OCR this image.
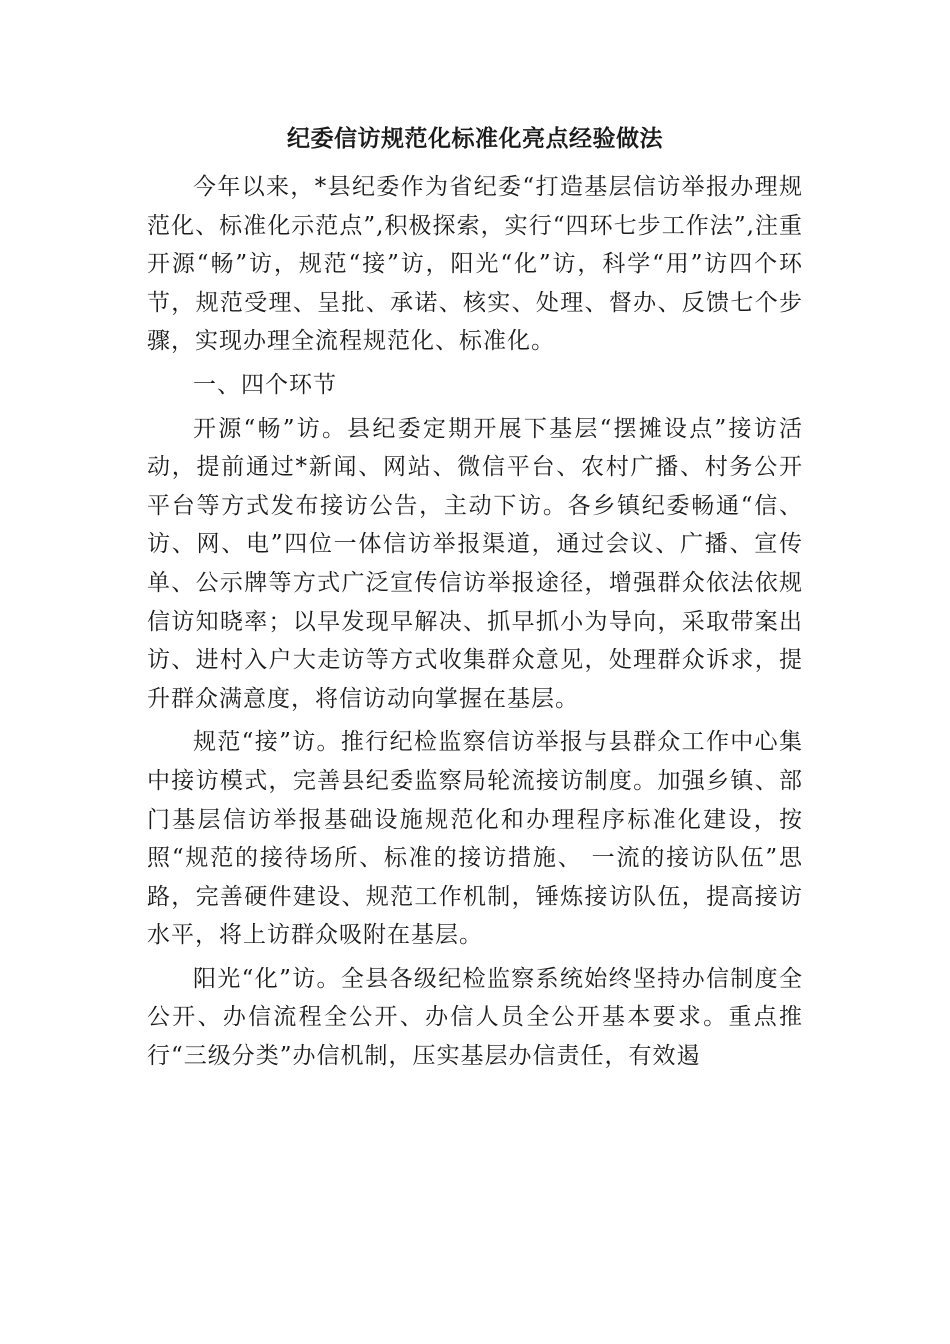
纪委信访规范化标准化亮点经验做法

今年以来，*县纪委作为省纪委“打造基层信访举报办理规范化、标准化示范点”,积极探索，实行“四环七步工作法”,注重开源“畅”访，规范“接”访，阳光“化”访，科学“用”访四个环节，规范受理、呈批、承诺、核实、处理、督办、反馈七个步骤，实现办理全流程规范化、标准化。

一、四个环节

开源“畅”访。县纪委定期开展下基层“摆摊设点”接访活动，提前通过*新闻、网站、微信平台、农村广播、村务公开平台等方式发布接访公告，主动下访。各乡镇纪委畅通“信、访、网、电”四位一体信访举报渠道，通过会议、广播、宣传单、公示牌等方式广泛宣传信访举报途径，增强群众依法依规信访知晓率；以早发现早解决、抓早抓小为导向，采取带案出访、进村入户大走访等方式收集群众意见，处理群众诉求，提升群众满意度，将信访动向掌握在基层。

规范“接”访。推行纪检监察信访举报与县群众工作中心集中接访模式，完善县纪委监察局轮流接访制度。加强乡镇、部门基层信访举报基础设施规范化和办理程序标准化建设，按照“规范的接待场所、标准的接访措施、 一流的接访队伍”思路，完善硬件建设、规范工作机制，锤炼接访队伍，提高接访水平，将上访群众吸附在基层。

阳光“化”访。全县各级纪检监察系统始终坚持办信制度全公开、办信流程全公开、办信人员全公开基本要求。重点推行“三级分类”办信机制，压实基层办信责任，有效遏
